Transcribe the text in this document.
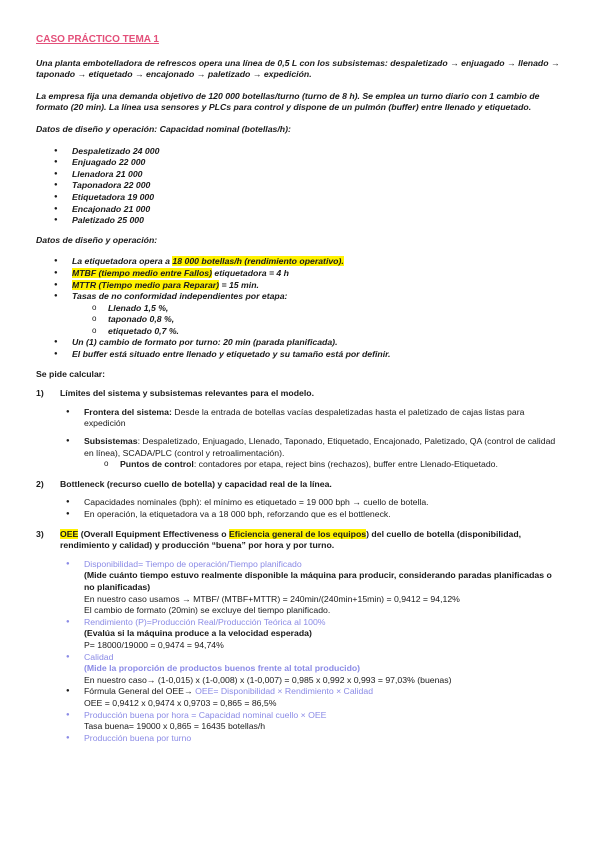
CASO PRÁCTICO TEMA 1

Una planta embotelladora de refrescos opera una línea de 0,5 L con los subsistemas: despaletizado → enjuagado → llenado → taponado → etiquetado → encajonado → paletizado → expedición.

La empresa fija una demanda objetivo de 120 000 botellas/turno (turno de 8 h). Se emplea un turno diario con 1 cambio de formato (20 min). La línea usa sensores y PLCs para control y dispone de un pulmón (buffer) entre llenado y etiquetado.

Datos de diseño y operación: Capacidad nominal (botellas/h):

● Despaletizado 24 000
● Enjuagado 22 000
● Llenadora 21 000
● Taponadora 22 000
● Etiquetadora 19 000
● Encajonado 21 000
● Paletizado 25 000

Datos de diseño y operación:

● La etiquetadora opera a 18 000 botellas/h (rendimiento operativo).
● MTBF (tiempo medio entre Fallos) etiquetadora = 4 h
● MTTR (Tiempo medio para Reparar) = 15 min.
● Tasas de no conformidad independientes por etapa:
o Llenado 1,5 %,
o taponado 0,8 %,
o etiquetado 0,7 %.
● Un (1) cambio de formato por turno: 20 min (parada planificada).
● El buffer está situado entre llenado y etiquetado y su tamaño está por definir.

Se pide calcular:

1) Límites del sistema y subsistemas relevantes para el modelo.
● Frontera del sistema: Desde la entrada de botellas vacías despaletizadas hasta el paletizado de cajas listas para expedición
● Subsistemas: Despaletizado, Enjuagado, Llenado, Taponado, Etiquetado, Encajonado, Paletizado, QA (control de calidad en línea), SCADA/PLC (control y retroalimentación).
o Puntos de control: contadores por etapa, reject bins (rechazos), buffer entre Llenado-Etiquetado.
2) Bottleneck (recurso cuello de botella) y capacidad real de la línea.
● Capacidades nominales (bph): el mínimo es etiquetado = 19 000 bph → cuello de botella.
● En operación, la etiquetadora va a 18 000 bph, reforzando que es el bottleneck.
3) OEE (Overall Equipment Effectiveness o Eficiencia general de los equipos) del cuello de botella (disponibilidad, rendimiento y calidad) y producción “buena” por hora y por turno.
● Disponibilidad= Tiempo de operación/Tiempo planificado
(Mide cuánto tiempo estuvo realmente disponible la máquina para producir, considerando paradas planificadas o no planificadas)
En nuestro caso usamos → MTBF/ (MTBF+MTTR) = 240min/(240min+15min) = 0,9412 = 94,12%
El cambio de formato (20min) se excluye del tiempo planificado.
● Rendimiento (P)=Producción Real/Producción Teórica al 100%
(Evalúa si la máquina produce a la velocidad esperada)
P= 18000/19000 = 0,9474 = 94,74%
● Calidad
(Mide la proporción de productos buenos frente al total producido)
En nuestro caso→ (1-0,015) x (1-0,008) x (1-0,007) = 0,985 x 0,992 x 0,993 = 97,03% (buenas)
● Fórmula General del OEE→ OEE= Disponibilidad × Rendimiento × Calidad
OEE = 0,9412 x 0,9474 x 0,9703 = 0,865 = 86,5%
● Producción buena por hora = Capacidad nominal cuello × OEE
Tasa buena= 19000 x 0,865 = 16435 botellas/h
● Producción buena por turno
